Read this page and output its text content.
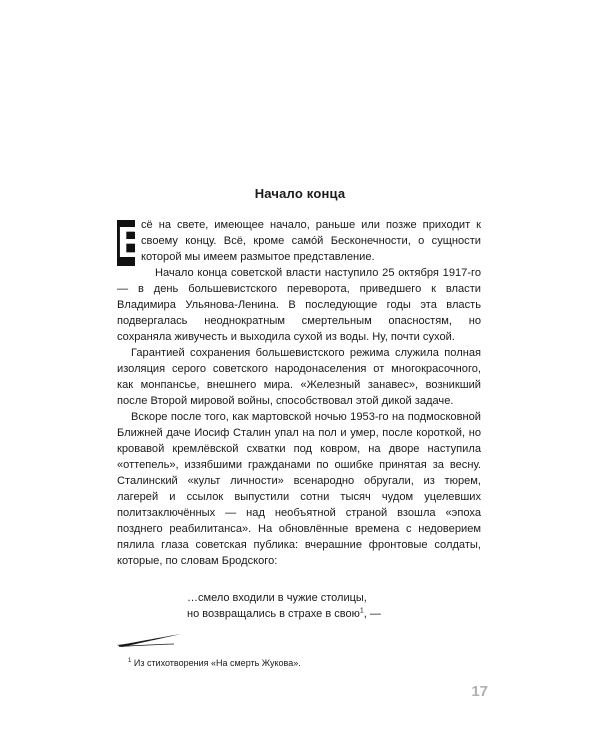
Начало конца

В
сё на свете, имеющее начало, раньше или позже приходит к своему концу. Всё, кроме самóй Бесконечности, о сущности которой мы имеем размытое представление.

Начало конца советской власти наступило 25 октября 1917-го — в день большевистского переворота, приведшего к власти Владимира Ульянова-Ленина. В последующие годы эта власть подвергалась неоднократным смертельным опасностям, но сохраняла живучесть и выходила сухой из воды. Ну, почти сухой.

Гарантией сохранения большевистского режима служила полная изоляция серого советского народонаселения от многокрасочного, как монпансье, внешнего мира. «Железный занавес», возникший после Второй мировой войны, способствовал этой дикой задаче.

Вскоре после того, как мартовской ночью 1953-го на подмосковной Ближней даче Иосиф Сталин упал на пол и умер, после короткой, но кровавой кремлёвской схватки под ковром, на дворе наступила «оттепель», иззябшими гражданами по ошибке принятая за весну. Сталинский «культ личности» всенародно обругали, из тюрем, лагерей и ссылок выпустили сотни тысяч чудом уцелевших политзаключённых — над необъятной страной взошла «эпоха позднего реабилитанса». На обновлённые времена с недоверием пялила глаза советская публика: вчерашние фронтовые солдаты, которые, по словам Бродского:

…смело входили в чужие столицы,
но возвращались в страхе в свою$^1$, —
$^1$ Из стихотворения «На смерть Жукова».
17
